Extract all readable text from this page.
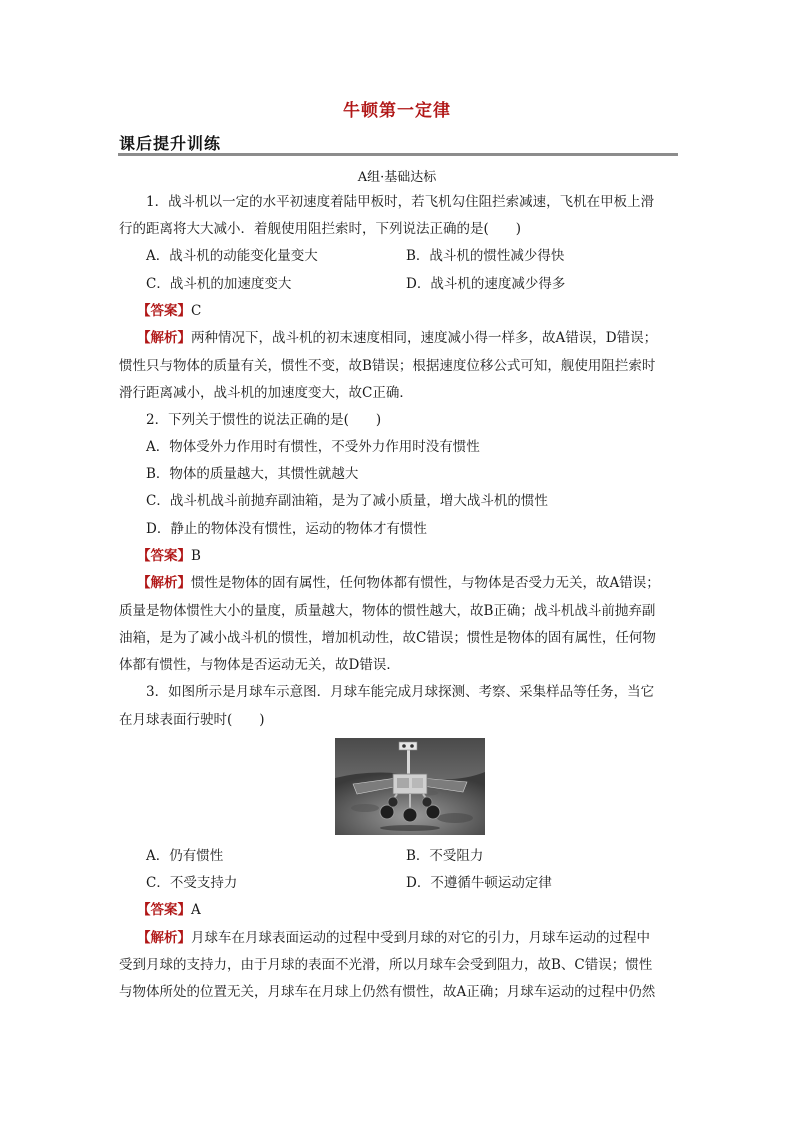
牛顿第一定律
课后提升训练
A组·基础达标
1．战斗机以一定的水平初速度着陆甲板时，若飞机勾住阻拦索减速，飞机在甲板上滑
行的距离将大大减小．着舰使用阻拦索时，下列说法正确的是(　　)
A．战斗机的动能变化量变大	B．战斗机的惯性减少得快
C．战斗机的加速度变大	D．战斗机的速度减少得多
【答案】C
【解析】两种情况下，战斗机的初末速度相同，速度减小得一样多，故A错误，D错误；
惯性只与物体的质量有关，惯性不变，故B错误；根据速度位移公式可知，舰使用阻拦索时
滑行距离减小，战斗机的加速度变大，故C正确．
2．下列关于惯性的说法正确的是(　　)
A．物体受外力作用时有惯性，不受外力作用时没有惯性
B．物体的质量越大，其惯性就越大
C．战斗机战斗前抛弃副油箱，是为了减小质量，增大战斗机的惯性
D．静止的物体没有惯性，运动的物体才有惯性
【答案】B
【解析】惯性是物体的固有属性，任何物体都有惯性，与物体是否受力无关，故A错误；
质量是物体惯性大小的量度，质量越大，物体的惯性越大，故B正确；战斗机战斗前抛弃副
油箱，是为了减小战斗机的惯性，增加机动性，故C错误；惯性是物体的固有属性，任何物
体都有惯性，与物体是否运动无关，故D错误．
3．如图所示是月球车示意图．月球车能完成月球探测、考察、采集样品等任务，当它
在月球表面行驶时(　　)
A．仍有惯性	B．不受阻力
C．不受支持力	D．不遵循牛顿运动定律
【答案】A
【解析】月球车在月球表面运动的过程中受到月球的对它的引力，月球车运动的过程中
受到月球的支持力，由于月球的表面不光滑，所以月球车会受到阻力，故B、C错误；惯性
与物体所处的位置无关，月球车在月球上仍然有惯性，故A正确；月球车运动的过程中仍然
